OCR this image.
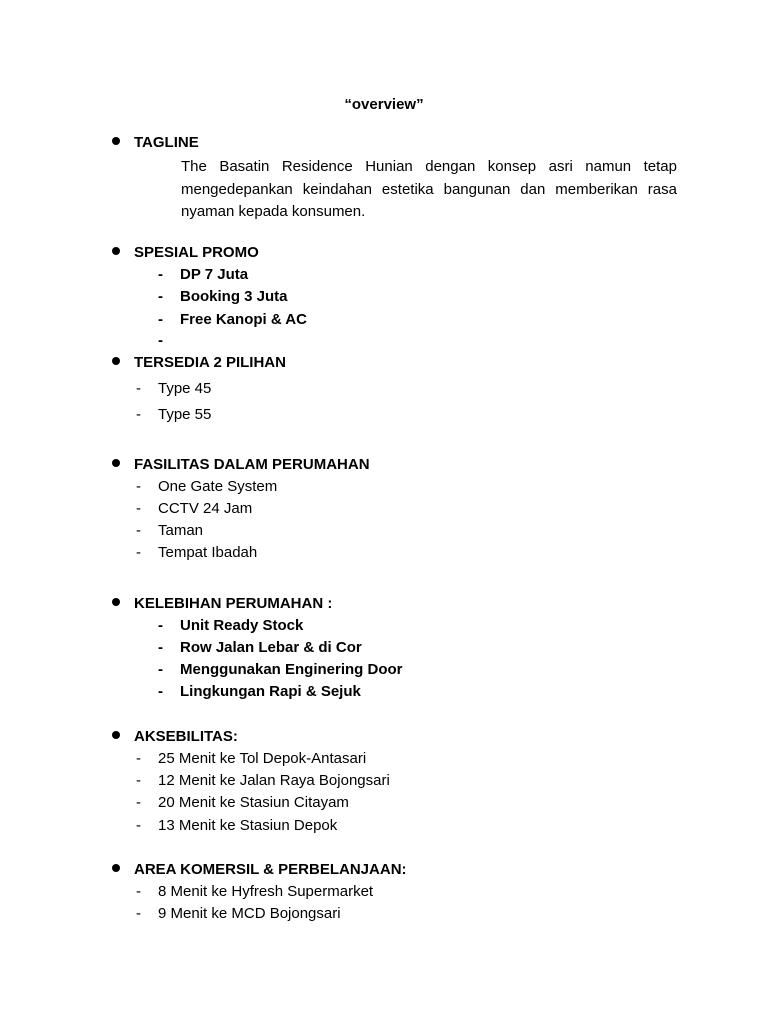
“overview”
TAGLINE
The Basatin Residence Hunian dengan konsep asri namun tetap mengedepankan keindahan estetika bangunan dan memberikan rasa nyaman kepada konsumen.
SPESIAL PROMO
- DP 7 Juta
- Booking 3 Juta
- Free Kanopi & AC
-
TERSEDIA 2 PILIHAN
- Type 45
- Type 55
FASILITAS DALAM PERUMAHAN
- One Gate System
- CCTV 24 Jam
- Taman
- Tempat Ibadah
KELEBIHAN PERUMAHAN :
- Unit Ready Stock
- Row Jalan Lebar & di Cor
- Menggunakan Enginering Door
- Lingkungan Rapi & Sejuk
AKSEBILITAS:
- 25 Menit ke Tol Depok-Antasari
- 12 Menit ke Jalan Raya Bojongsari
- 20 Menit ke Stasiun Citayam
- 13 Menit ke Stasiun Depok
AREA KOMERSIL & PERBELANJAAN:
- 8 Menit ke Hyfresh Supermarket
- 9 Menit ke MCD Bojongsari
